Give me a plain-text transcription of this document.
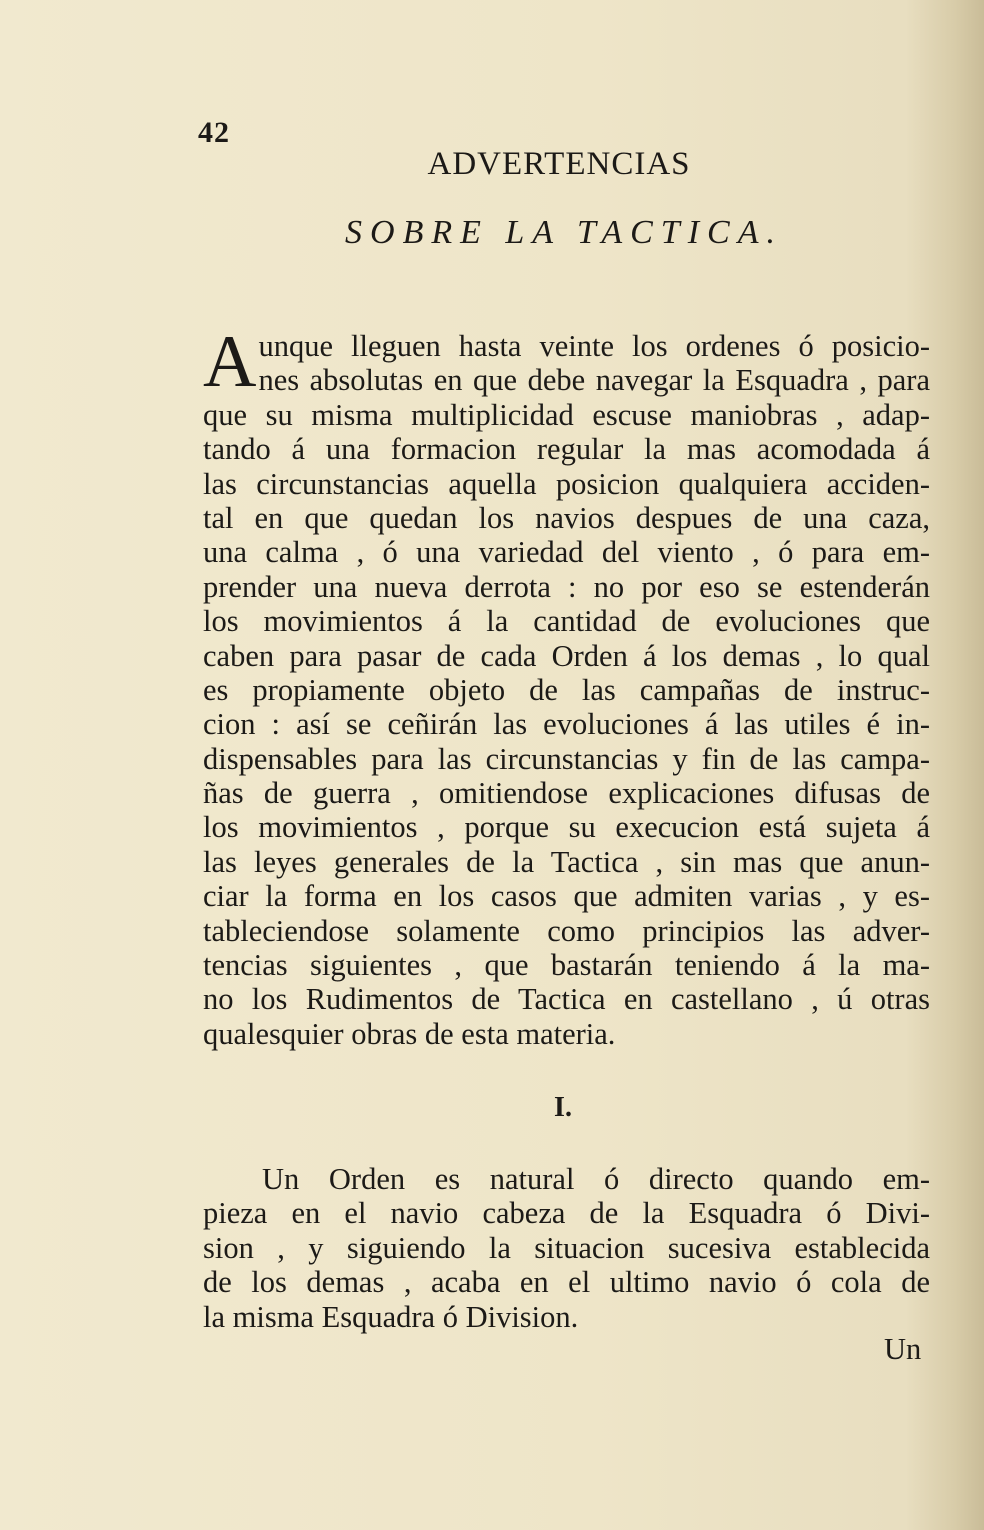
42
ADVERTENCIAS
SOBRE LA TACTICA.
A unque lleguen hasta veinte los ordenes ó posicio-
nes absolutas en que debe navegar la Esquadra , para
que su misma multiplicidad escuse maniobras , adap-
tando á una formacion regular la mas acomodada á
las circunstancias aquella posicion qualquiera acciden-
tal en que quedan los navios despues de una caza,
una calma , ó una variedad del viento , ó para em-
prender una nueva derrota : no por eso se estenderán
los movimientos á la cantidad de evoluciones que
caben para pasar de cada Orden á los demas , lo qual
es propiamente objeto de las campañas de instruc-
cion : así se ceñirán las evoluciones á las utiles é in-
dispensables para las circunstancias y fin de las campa-
ñas de guerra , omitiendose explicaciones difusas de
los movimientos , porque su execucion está sujeta á
las leyes generales de la Tactica , sin mas que anun-
ciar la forma en los casos que admiten varias , y es-
tableciendose solamente como principios las adver-
tencias siguientes , que bastarán teniendo á la ma-
no los Rudimentos de Tactica en castellano , ú otras
qualesquier obras de esta materia.
I.
Un Orden es natural ó directo quando em-
pieza en el navio cabeza de la Esquadra ó Divi-
sion , y siguiendo la situacion sucesiva establecida
de los demas , acaba en el ultimo navio ó cola de
la misma Esquadra ó Division.
Un
